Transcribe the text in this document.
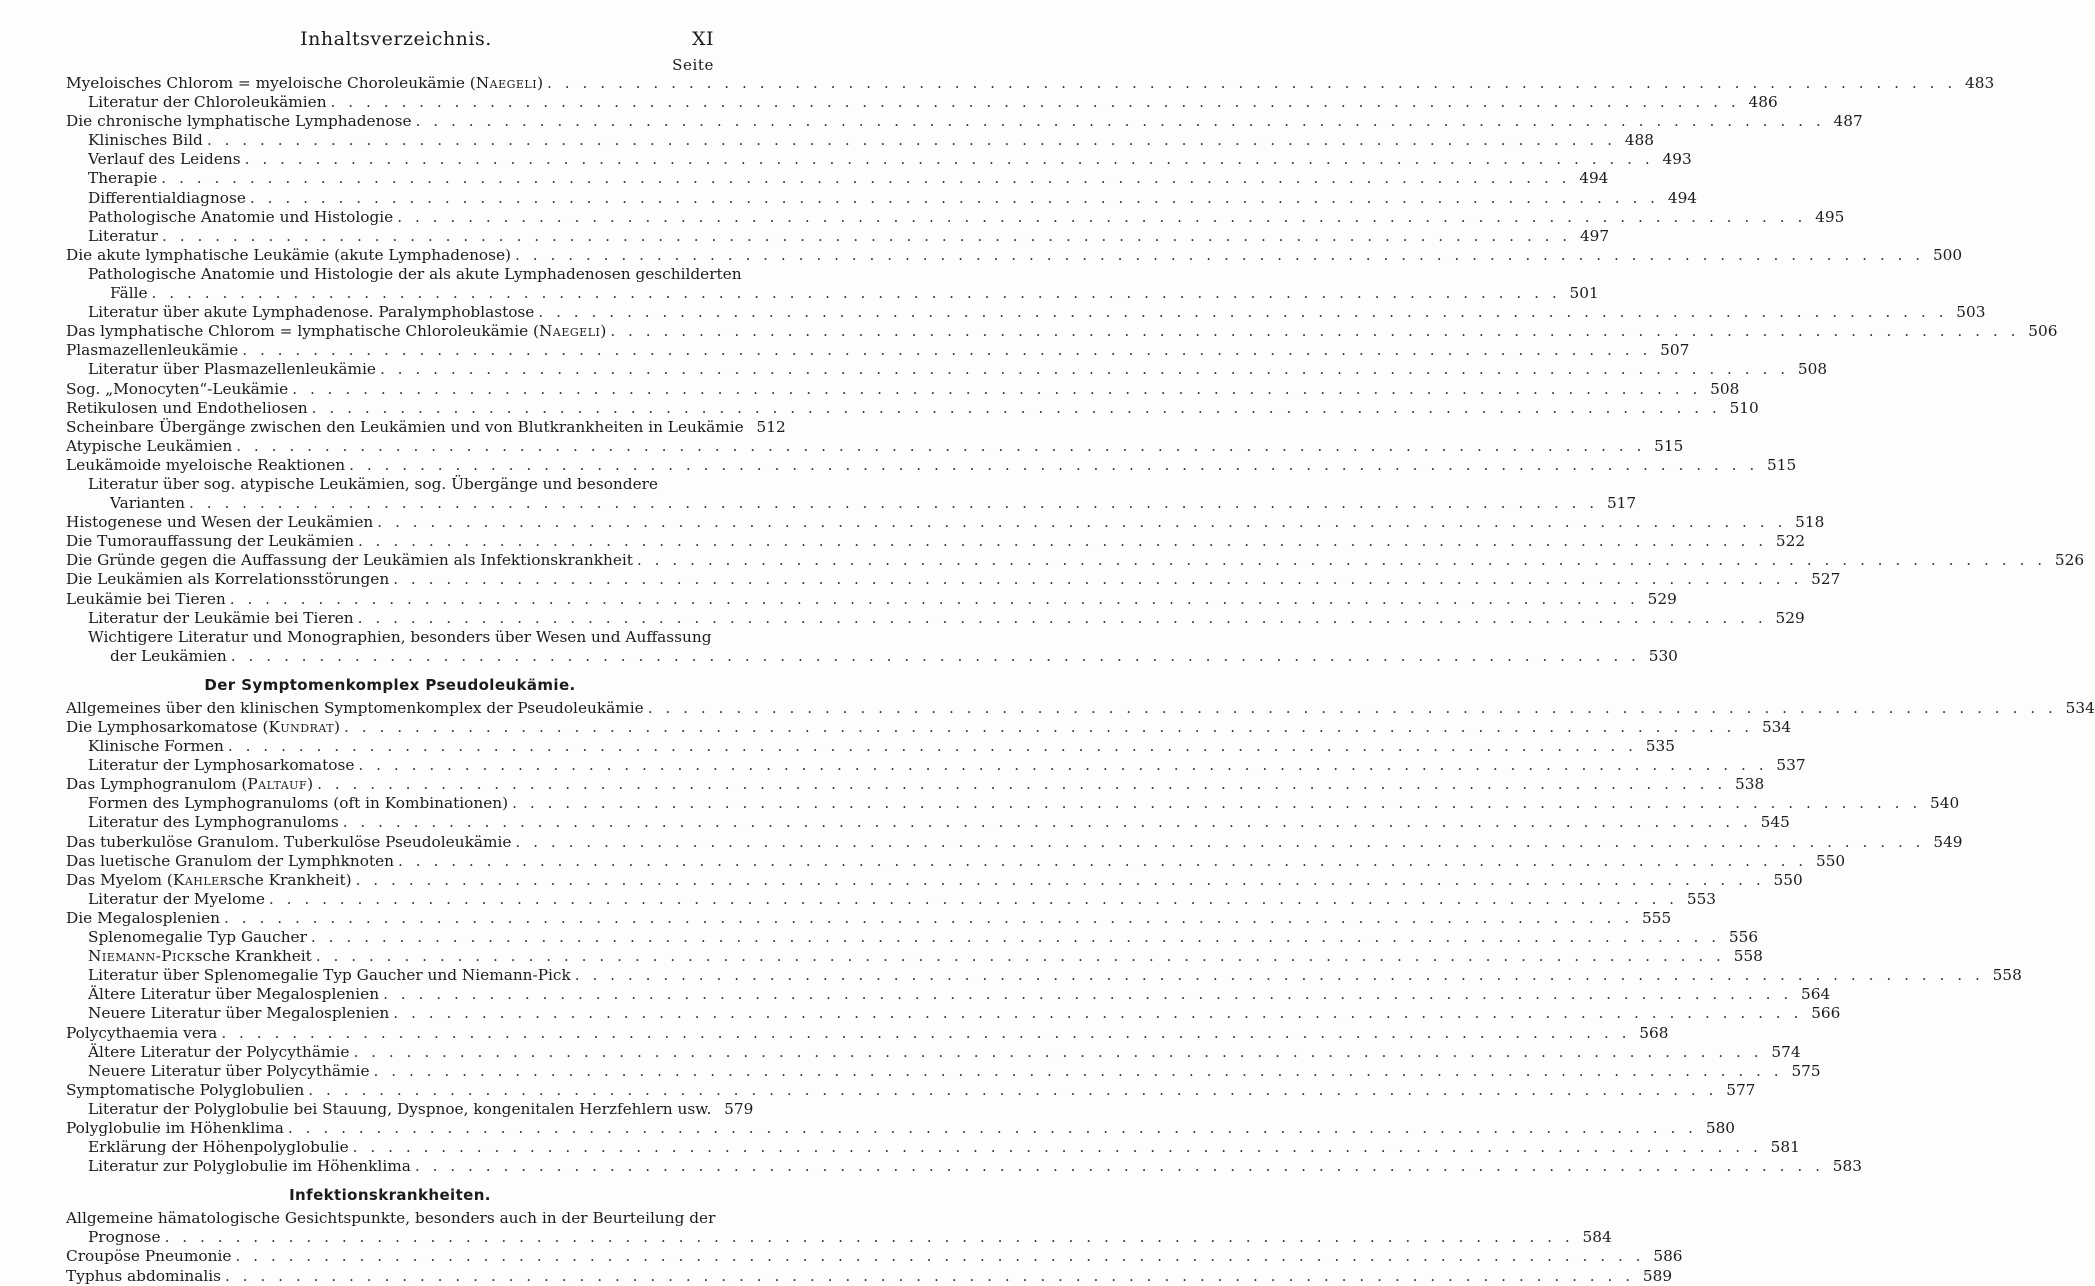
Inhaltsverzeichnis.	XI
Seite
Myeloisches Chlorom = myeloische Choroleukämie (Naegeli) . . . . . . . . . . . . . . . . . . . . . . . . . . . . . . . . . . . . . . . . . . . . . . . . . . . . . . . . . . . . . . . . . . . . . . . . . . . . . . . . 483
Literatur der Chloroleukämien . . . . . . . . . . . . . . . . . . . . . . . . . . . . . . . . . . . . . . . . . . . . . . . . . . . . . . . . . . . . . . . . . . . . . . . . . . . . . . . . 486
Die chronische lymphatische Lymphadenose . . . . . . . . . . . . . . . . . . . . . . . . . . . . . . . . . . . . . . . . . . . . . . . . . . . . . . . . . . . . . . . . . . . . . . . . . . . . . . . . 487
Klinisches Bild . . . . . . . . . . . . . . . . . . . . . . . . . . . . . . . . . . . . . . . . . . . . . . . . . . . . . . . . . . . . . . . . . . . . . . . . . . . . . . . . 488
Verlauf des Leidens . . . . . . . . . . . . . . . . . . . . . . . . . . . . . . . . . . . . . . . . . . . . . . . . . . . . . . . . . . . . . . . . . . . . . . . . . . . . . . . . 493
Therapie . . . . . . . . . . . . . . . . . . . . . . . . . . . . . . . . . . . . . . . . . . . . . . . . . . . . . . . . . . . . . . . . . . . . . . . . . . . . . . . . 494
Differentialdiagnose . . . . . . . . . . . . . . . . . . . . . . . . . . . . . . . . . . . . . . . . . . . . . . . . . . . . . . . . . . . . . . . . . . . . . . . . . . . . . . . . 494
Pathologische Anatomie und Histologie . . . . . . . . . . . . . . . . . . . . . . . . . . . . . . . . . . . . . . . . . . . . . . . . . . . . . . . . . . . . . . . . . . . . . . . . . . . . . . . . 495
Literatur . . . . . . . . . . . . . . . . . . . . . . . . . . . . . . . . . . . . . . . . . . . . . . . . . . . . . . . . . . . . . . . . . . . . . . . . . . . . . . . . 497
Die akute lymphatische Leukämie (akute Lymphadenose) . . . . . . . . . . . . . . . . . . . . . . . . . . . . . . . . . . . . . . . . . . . . . . . . . . . . . . . . . . . . . . . . . . . . . . . . . . . . . . . . 500
Pathologische Anatomie und Histologie der als akute Lymphadenosen geschilderten
Fälle . . . . . . . . . . . . . . . . . . . . . . . . . . . . . . . . . . . . . . . . . . . . . . . . . . . . . . . . . . . . . . . . . . . . . . . . . . . . . . . . 501
Literatur über akute Lymphadenose. Paralymphoblastose . . . . . . . . . . . . . . . . . . . . . . . . . . . . . . . . . . . . . . . . . . . . . . . . . . . . . . . . . . . . . . . . . . . . . . . . . . . . . . . . 503
Das lymphatische Chlorom = lymphatische Chloroleukämie (Naegeli) . . . . . . . . . . . . . . . . . . . . . . . . . . . . . . . . . . . . . . . . . . . . . . . . . . . . . . . . . . . . . . . . . . . . . . . . . . . . . . . . 506
Plasmazellenleukämie . . . . . . . . . . . . . . . . . . . . . . . . . . . . . . . . . . . . . . . . . . . . . . . . . . . . . . . . . . . . . . . . . . . . . . . . . . . . . . . . 507
Literatur über Plasmazellenleukämie . . . . . . . . . . . . . . . . . . . . . . . . . . . . . . . . . . . . . . . . . . . . . . . . . . . . . . . . . . . . . . . . . . . . . . . . . . . . . . . . 508
Sog. „Monocyten“-Leukämie . . . . . . . . . . . . . . . . . . . . . . . . . . . . . . . . . . . . . . . . . . . . . . . . . . . . . . . . . . . . . . . . . . . . . . . . . . . . . . . . 508
Retikulosen und Endotheliosen . . . . . . . . . . . . . . . . . . . . . . . . . . . . . . . . . . . . . . . . . . . . . . . . . . . . . . . . . . . . . . . . . . . . . . . . . . . . . . . . 510
Scheinbare Übergänge zwischen den Leukämien und von Blutkrankheiten in Leukämie 512
Atypische Leukämien . . . . . . . . . . . . . . . . . . . . . . . . . . . . . . . . . . . . . . . . . . . . . . . . . . . . . . . . . . . . . . . . . . . . . . . . . . . . . . . . 515
Leukämoide myeloische Reaktionen . . . . . . . . . . . . . . . . . . . . . . . . . . . . . . . . . . . . . . . . . . . . . . . . . . . . . . . . . . . . . . . . . . . . . . . . . . . . . . . . 515
Literatur über sog. atypische Leukämien, sog. Übergänge und besondere
Varianten . . . . . . . . . . . . . . . . . . . . . . . . . . . . . . . . . . . . . . . . . . . . . . . . . . . . . . . . . . . . . . . . . . . . . . . . . . . . . . . . 517
Histogenese und Wesen der Leukämien . . . . . . . . . . . . . . . . . . . . . . . . . . . . . . . . . . . . . . . . . . . . . . . . . . . . . . . . . . . . . . . . . . . . . . . . . . . . . . . . 518
Die Tumorauffassung der Leukämien . . . . . . . . . . . . . . . . . . . . . . . . . . . . . . . . . . . . . . . . . . . . . . . . . . . . . . . . . . . . . . . . . . . . . . . . . . . . . . . . 522
Die Gründe gegen die Auffassung der Leukämien als Infektionskrankheit . . . . . . . . . . . . . . . . . . . . . . . . . . . . . . . . . . . . . . . . . . . . . . . . . . . . . . . . . . . . . . . . . . . . . . . . . . . . . . . . 526
Die Leukämien als Korrelationsstörungen . . . . . . . . . . . . . . . . . . . . . . . . . . . . . . . . . . . . . . . . . . . . . . . . . . . . . . . . . . . . . . . . . . . . . . . . . . . . . . . . 527
Leukämie bei Tieren . . . . . . . . . . . . . . . . . . . . . . . . . . . . . . . . . . . . . . . . . . . . . . . . . . . . . . . . . . . . . . . . . . . . . . . . . . . . . . . . 529
Literatur der Leukämie bei Tieren . . . . . . . . . . . . . . . . . . . . . . . . . . . . . . . . . . . . . . . . . . . . . . . . . . . . . . . . . . . . . . . . . . . . . . . . . . . . . . . . 529
Wichtigere Literatur und Monographien, besonders über Wesen und Auffassung
der Leukämien . . . . . . . . . . . . . . . . . . . . . . . . . . . . . . . . . . . . . . . . . . . . . . . . . . . . . . . . . . . . . . . . . . . . . . . . . . . . . . . . 530
Der Symptomenkomplex Pseudoleukämie.
Allgemeines über den klinischen Symptomenkomplex der Pseudoleukämie . . . . . . . . . . . . . . . . . . . . . . . . . . . . . . . . . . . . . . . . . . . . . . . . . . . . . . . . . . . . . . . . . . . . . . . . . . . . . . . . 534
Die Lymphosarkomatose (Kundrat) . . . . . . . . . . . . . . . . . . . . . . . . . . . . . . . . . . . . . . . . . . . . . . . . . . . . . . . . . . . . . . . . . . . . . . . . . . . . . . . . 534
Klinische Formen . . . . . . . . . . . . . . . . . . . . . . . . . . . . . . . . . . . . . . . . . . . . . . . . . . . . . . . . . . . . . . . . . . . . . . . . . . . . . . . . 535
Literatur der Lymphosarkomatose . . . . . . . . . . . . . . . . . . . . . . . . . . . . . . . . . . . . . . . . . . . . . . . . . . . . . . . . . . . . . . . . . . . . . . . . . . . . . . . . 537
Das Lymphogranulom (Paltauf) . . . . . . . . . . . . . . . . . . . . . . . . . . . . . . . . . . . . . . . . . . . . . . . . . . . . . . . . . . . . . . . . . . . . . . . . . . . . . . . . 538
Formen des Lymphogranuloms (oft in Kombinationen) . . . . . . . . . . . . . . . . . . . . . . . . . . . . . . . . . . . . . . . . . . . . . . . . . . . . . . . . . . . . . . . . . . . . . . . . . . . . . . . . 540
Literatur des Lymphogranuloms . . . . . . . . . . . . . . . . . . . . . . . . . . . . . . . . . . . . . . . . . . . . . . . . . . . . . . . . . . . . . . . . . . . . . . . . . . . . . . . . 545
Das tuberkulöse Granulom. Tuberkulöse Pseudoleukämie . . . . . . . . . . . . . . . . . . . . . . . . . . . . . . . . . . . . . . . . . . . . . . . . . . . . . . . . . . . . . . . . . . . . . . . . . . . . . . . . 549
Das luetische Granulom der Lymphknoten . . . . . . . . . . . . . . . . . . . . . . . . . . . . . . . . . . . . . . . . . . . . . . . . . . . . . . . . . . . . . . . . . . . . . . . . . . . . . . . . 550
Das Myelom (Kahlersche Krankheit) . . . . . . . . . . . . . . . . . . . . . . . . . . . . . . . . . . . . . . . . . . . . . . . . . . . . . . . . . . . . . . . . . . . . . . . . . . . . . . . . 550
Literatur der Myelome . . . . . . . . . . . . . . . . . . . . . . . . . . . . . . . . . . . . . . . . . . . . . . . . . . . . . . . . . . . . . . . . . . . . . . . . . . . . . . . . 553
Die Megalosplenien . . . . . . . . . . . . . . . . . . . . . . . . . . . . . . . . . . . . . . . . . . . . . . . . . . . . . . . . . . . . . . . . . . . . . . . . . . . . . . . . 555
Splenomegalie Typ Gaucher . . . . . . . . . . . . . . . . . . . . . . . . . . . . . . . . . . . . . . . . . . . . . . . . . . . . . . . . . . . . . . . . . . . . . . . . . . . . . . . . 556
Niemann-Picksche Krankheit . . . . . . . . . . . . . . . . . . . . . . . . . . . . . . . . . . . . . . . . . . . . . . . . . . . . . . . . . . . . . . . . . . . . . . . . . . . . . . . . 558
Literatur über Splenomegalie Typ Gaucher und Niemann-Pick . . . . . . . . . . . . . . . . . . . . . . . . . . . . . . . . . . . . . . . . . . . . . . . . . . . . . . . . . . . . . . . . . . . . . . . . . . . . . . . . 558
Ältere Literatur über Megalosplenien . . . . . . . . . . . . . . . . . . . . . . . . . . . . . . . . . . . . . . . . . . . . . . . . . . . . . . . . . . . . . . . . . . . . . . . . . . . . . . . . 564
Neuere Literatur über Megalosplenien . . . . . . . . . . . . . . . . . . . . . . . . . . . . . . . . . . . . . . . . . . . . . . . . . . . . . . . . . . . . . . . . . . . . . . . . . . . . . . . . 566
Polycythaemia vera . . . . . . . . . . . . . . . . . . . . . . . . . . . . . . . . . . . . . . . . . . . . . . . . . . . . . . . . . . . . . . . . . . . . . . . . . . . . . . . . 568
Ältere Literatur der Polycythämie . . . . . . . . . . . . . . . . . . . . . . . . . . . . . . . . . . . . . . . . . . . . . . . . . . . . . . . . . . . . . . . . . . . . . . . . . . . . . . . . 574
Neuere Literatur über Polycythämie . . . . . . . . . . . . . . . . . . . . . . . . . . . . . . . . . . . . . . . . . . . . . . . . . . . . . . . . . . . . . . . . . . . . . . . . . . . . . . . . 575
Symptomatische Polyglobulien . . . . . . . . . . . . . . . . . . . . . . . . . . . . . . . . . . . . . . . . . . . . . . . . . . . . . . . . . . . . . . . . . . . . . . . . . . . . . . . . 577
Literatur der Polyglobulie bei Stauung, Dyspnoe, kongenitalen Herzfehlern usw. 579
Polyglobulie im Höhenklima . . . . . . . . . . . . . . . . . . . . . . . . . . . . . . . . . . . . . . . . . . . . . . . . . . . . . . . . . . . . . . . . . . . . . . . . . . . . . . . . 580
Erklärung der Höhenpolyglobulie . . . . . . . . . . . . . . . . . . . . . . . . . . . . . . . . . . . . . . . . . . . . . . . . . . . . . . . . . . . . . . . . . . . . . . . . . . . . . . . . 581
Literatur zur Polyglobulie im Höhenklima . . . . . . . . . . . . . . . . . . . . . . . . . . . . . . . . . . . . . . . . . . . . . . . . . . . . . . . . . . . . . . . . . . . . . . . . . . . . . . . . 583
Infektionskrankheiten.
Allgemeine hämatologische Gesichtspunkte, besonders auch in der Beurteilung der
Prognose . . . . . . . . . . . . . . . . . . . . . . . . . . . . . . . . . . . . . . . . . . . . . . . . . . . . . . . . . . . . . . . . . . . . . . . . . . . . . . . . 584
Croupöse Pneumonie . . . . . . . . . . . . . . . . . . . . . . . . . . . . . . . . . . . . . . . . . . . . . . . . . . . . . . . . . . . . . . . . . . . . . . . . . . . . . . . . 586
Typhus abdominalis . . . . . . . . . . . . . . . . . . . . . . . . . . . . . . . . . . . . . . . . . . . . . . . . . . . . . . . . . . . . . . . . . . . . . . . . . . . . . . . . 589
